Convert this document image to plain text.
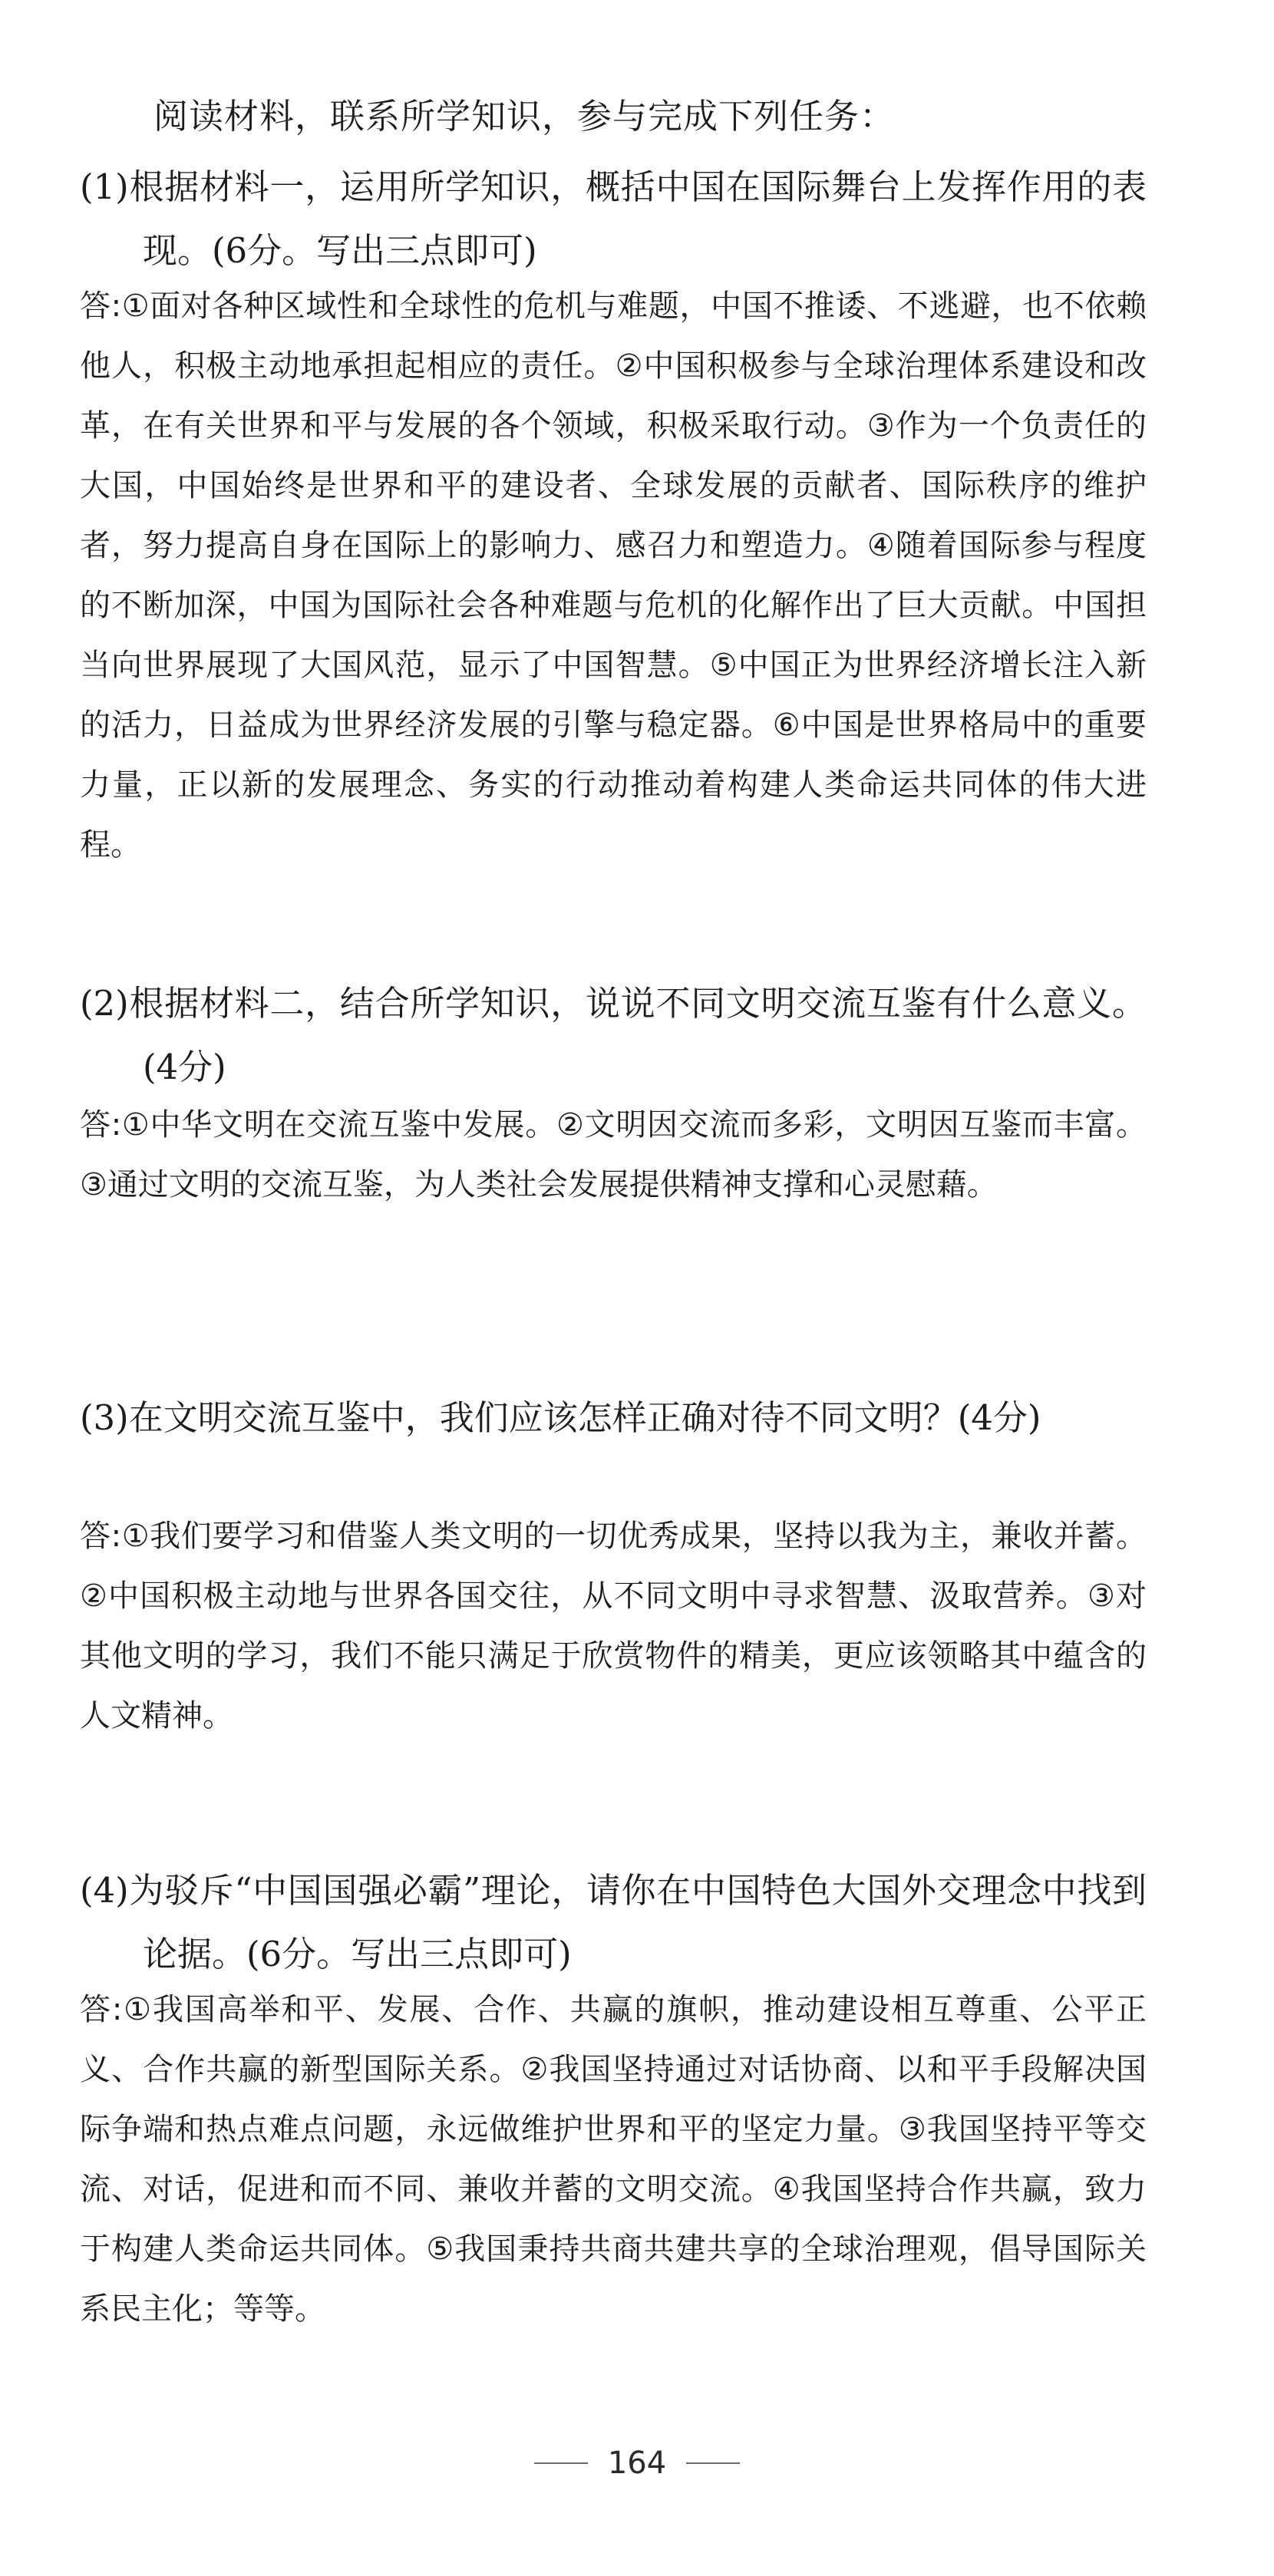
阅读材料，联系所学知识，参与完成下列任务：
(1)根据材料一，运用所学知识，概括中国在国际舞台上发挥作用的表现。(6分。写出三点即可)
答:①面对各种区域性和全球性的危机与难题，中国不推诿、不逃避，也不依赖他人，积极主动地承担起相应的责任。②中国积极参与全球治理体系建设和改革，在有关世界和平与发展的各个领域，积极采取行动。③作为一个负责任的大国，中国始终是世界和平的建设者、全球发展的贡献者、国际秩序的维护者，努力提高自身在国际上的影响力、感召力和塑造力。④随着国际参与程度的不断加深，中国为国际社会各种难题与危机的化解作出了巨大贡献。中国担当向世界展现了大国风范，显示了中国智慧。⑤中国正为世界经济增长注入新的活力，日益成为世界经济发展的引擎与稳定器。⑥中国是世界格局中的重要力量，正以新的发展理念、务实的行动推动着构建人类命运共同体的伟大进程。
(2)根据材料二，结合所学知识，说说不同文明交流互鉴有什么意义。(4分)
答:①中华文明在交流互鉴中发展。②文明因交流而多彩，文明因互鉴而丰富。③通过文明的交流互鉴，为人类社会发展提供精神支撑和心灵慰藉。
(3)在文明交流互鉴中，我们应该怎样正确对待不同文明？(4分)
答:①我们要学习和借鉴人类文明的一切优秀成果，坚持以我为主，兼收并蓄。②中国积极主动地与世界各国交往，从不同文明中寻求智慧、汲取营养。③对其他文明的学习，我们不能只满足于欣赏物件的精美，更应该领略其中蕴含的人文精神。
(4)为驳斥“中国国强必霸”理论，请你在中国特色大国外交理念中找到论据。(6分。写出三点即可)
答:①我国高举和平、发展、合作、共赢的旗帜，推动建设相互尊重、公平正义、合作共赢的新型国际关系。②我国坚持通过对话协商、以和平手段解决国际争端和热点难点问题，永远做维护世界和平的坚定力量。③我国坚持平等交流、对话，促进和而不同、兼收并蓄的文明交流。④我国坚持合作共赢，致力于构建人类命运共同体。⑤我国秉持共商共建共享的全球治理观，倡导国际关系民主化；等等。
164
